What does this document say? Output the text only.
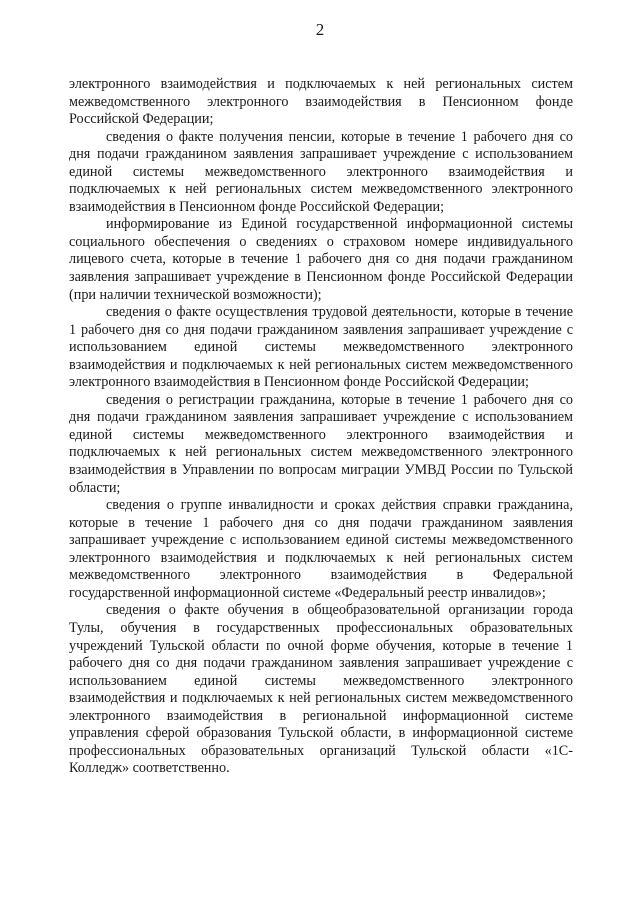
2

электронного взаимодействия и подключаемых к ней региональных систем межведомственного электронного взаимодействия в Пенсионном фонде Российской Федерации;

сведения о факте получения пенсии, которые в течение 1 рабочего дня со дня подачи гражданином заявления запрашивает учреждение с использованием единой системы межведомственного электронного взаимодействия и подключаемых к ней региональных систем межведомственного электронного взаимодействия в Пенсионном фонде Российской Федерации;

информирование из Единой государственной информационной системы социального обеспечения о сведениях о страховом номере индивидуального лицевого счета, которые в течение 1 рабочего дня со дня подачи гражданином заявления запрашивает учреждение в Пенсионном фонде Российской Федерации (при наличии технической возможности);

сведения о факте осуществления трудовой деятельности, которые в течение 1 рабочего дня со дня подачи гражданином заявления запрашивает учреждение с использованием единой системы межведомственного электронного взаимодействия и подключаемых к ней региональных систем межведомственного электронного взаимодействия в Пенсионном фонде Российской Федерации;

сведения о регистрации гражданина, которые в течение 1 рабочего дня со дня подачи гражданином заявления запрашивает учреждение с использованием единой системы межведомственного электронного взаимодействия и подключаемых к ней региональных систем межведомственного электронного взаимодействия в Управлении по вопросам миграции УМВД России по Тульской области;

сведения о группе инвалидности и сроках действия справки гражданина, которые в течение 1 рабочего дня со дня подачи гражданином заявления запрашивает учреждение с использованием единой системы межведомственного электронного взаимодействия и подключаемых к ней региональных систем межведомственного электронного взаимодействия в Федеральной государственной информационной системе «Федеральный реестр инвалидов»;

сведения о факте обучения в общеобразовательной организации города Тулы, обучения в государственных профессиональных образовательных учреждений Тульской области по очной форме обучения, которые в течение 1 рабочего дня со дня подачи гражданином заявления запрашивает учреждение с использованием единой системы межведомственного электронного взаимодействия и подключаемых к ней региональных систем межведомственного электронного взаимодействия в региональной информационной системе управления сферой образования Тульской области, в информационной системе профессиональных образовательных организаций Тульской области «1С-Колледж» соответственно.
